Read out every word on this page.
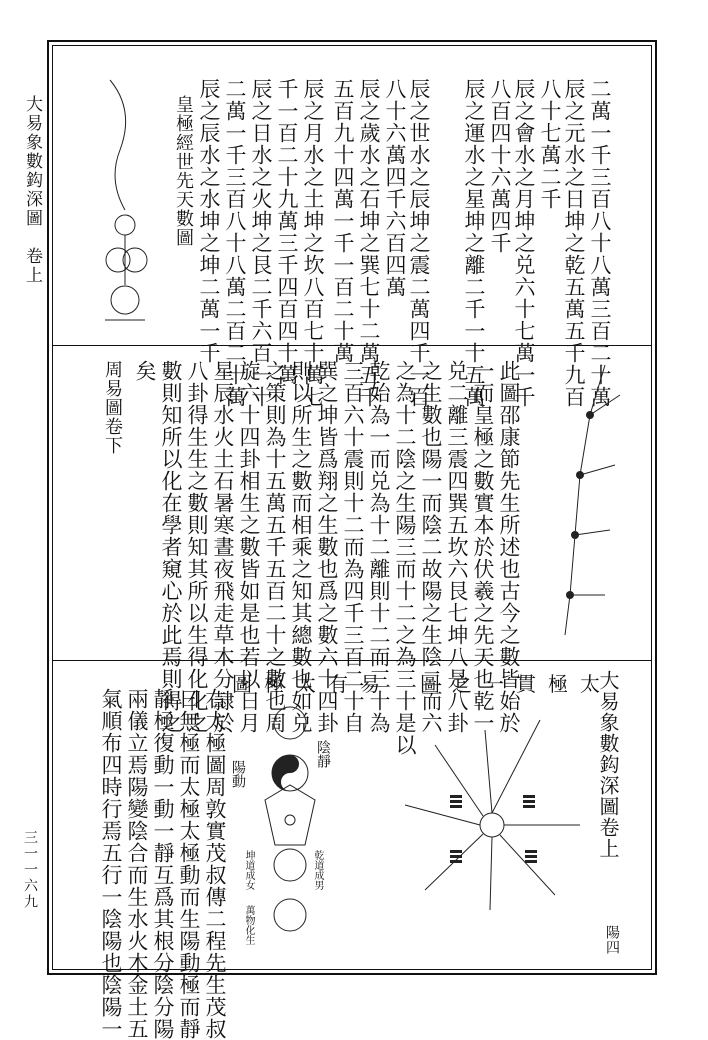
大易象數鈎深圖　卷上
三一一六九
二萬一千三百八十八萬三百二十萬
辰之元水之日坤之乾五萬五千九百
八十七萬二千
辰之會水之月坤之兑六十七萬一千
八百四十六萬四千
辰之運水之星坤之離二千一十五萬
辰之世水之辰坤之震二萬四千一百
八十六萬四千六百四萬
辰之歲水之石坤之巽七十二萬五千
五百九十四萬一千一百二十萬
辰之月水之土坤之坎八百七十萬七
千一百二十九萬三千四百四十萬
辰之日水之火坤之艮二千六百一十
二萬一千三百八十八萬二百二十萬
辰之辰水之水坤之坤二萬一千
皇極經世先天數圖
此圖邵康節先生所述也古今之數皆始於
一而皇極之數實本於伏羲之先天也乾一
兑二離三震四巽五坎六艮七坤八是八卦
之生數也陽一而陰二故陽之生陰二而六
之為十二陰之生陽三而十二之為三十是以
乾始為一而兑為十二離則十二而三十為
三百六十震則十二而為四千三百二十自
巽之坤皆爲翔之生數也爲之數六十四卦
則以所生之數而相乘之知其總數也如兑
之策則為十五萬五千五百二十之數也周
旋六十四卦相生之數皆如是也若以日月
星辰水火土石暑寒晝夜飛走草木分隷於
八卦得生生之數則知其所以生得化化之
數則知所以化在學者窺心於此焉則得之
矣
周易圖卷下
大易象數鈎深圖卷上
陽四
太極貫一之圖
易有太極圖
右太極圖周敦實茂叔傳二程先生茂叔
曰無極而太極太極動而生陽動極而靜
靜極復動一動一靜互爲其根分陰分陽
兩儀立焉陽變陰合而生水火木金土五
氣順布四時行焉五行一陰陽也陰陽一	陰靜
陽動
乾道成男
坤道成女
萬物化生
